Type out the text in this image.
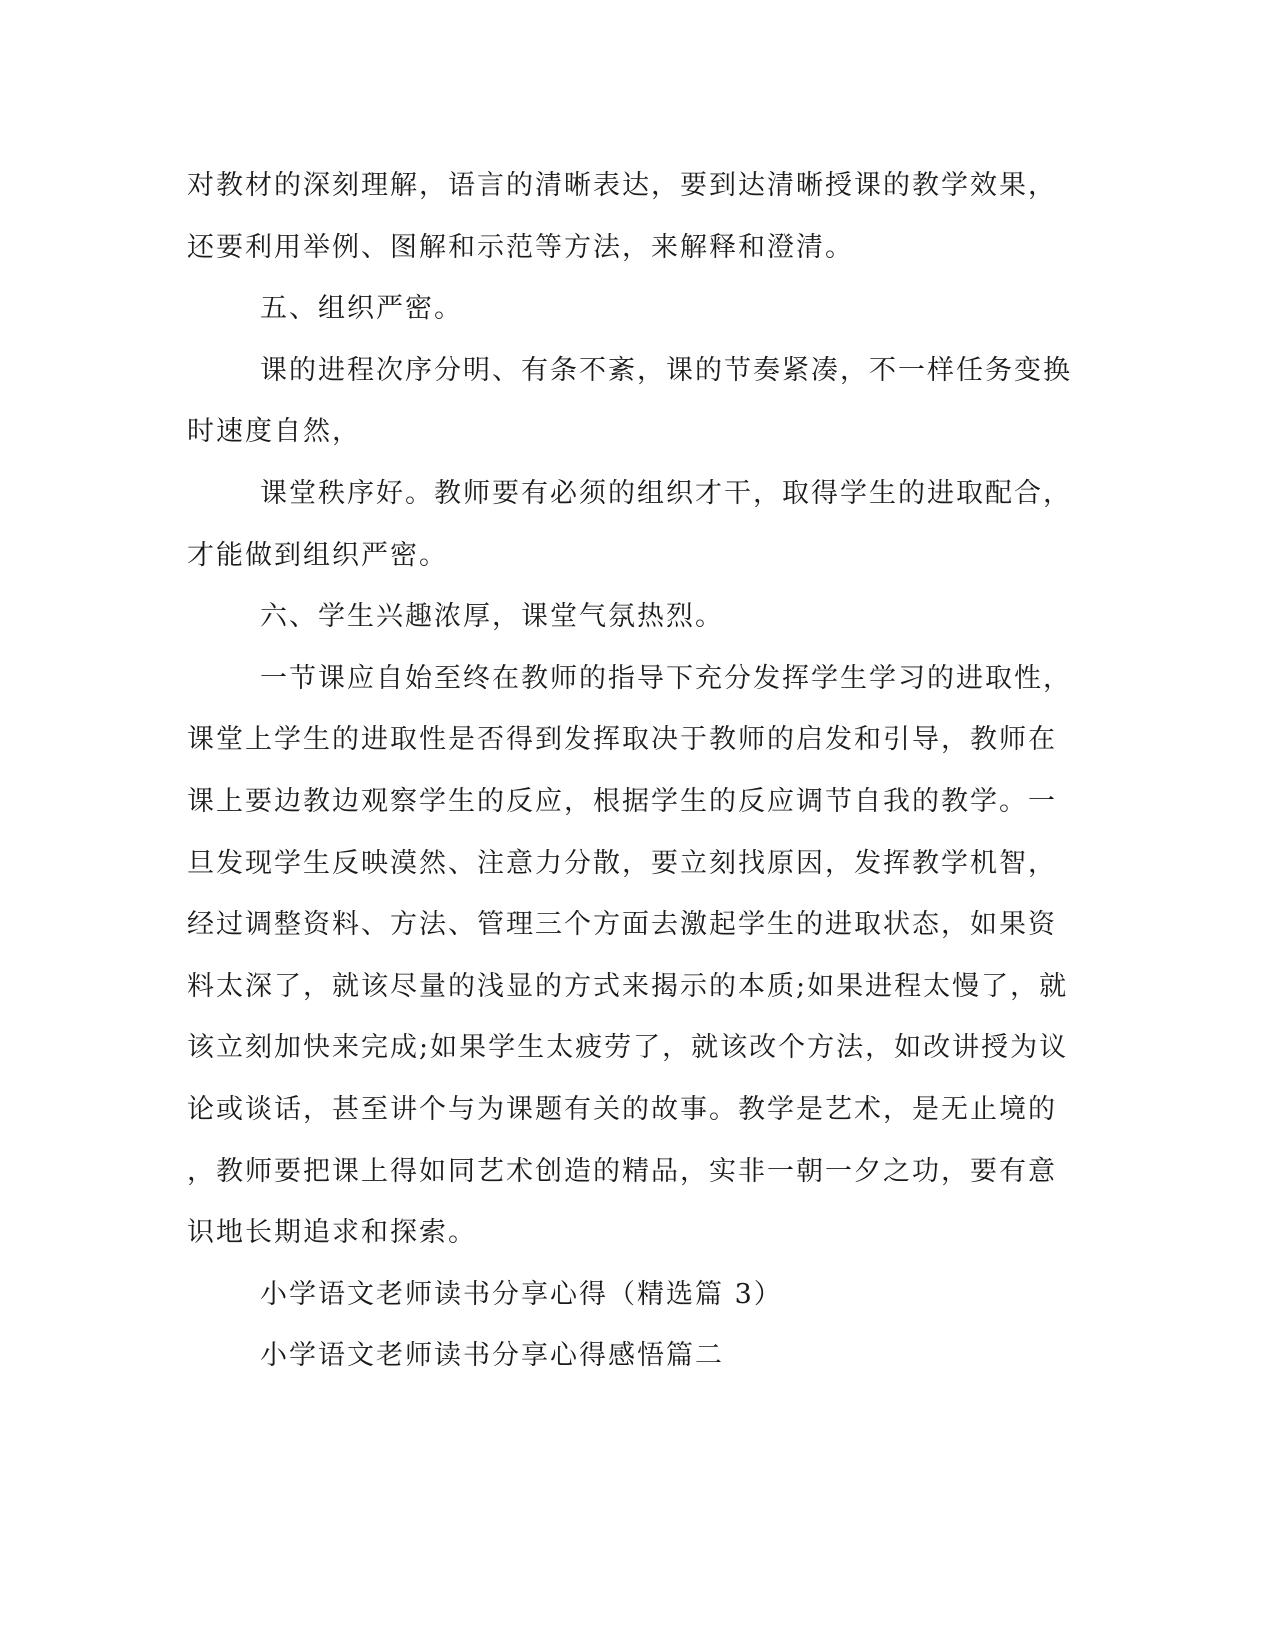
对教材的深刻理解，语言的清晰表达，要到达清晰授课的教学效果，
还要利用举例、图解和示范等方法，来解释和澄清。
五、组织严密。
课的进程次序分明、有条不紊，课的节奏紧凑，不一样任务变换
时速度自然，
课堂秩序好。教师要有必须的组织才干，取得学生的进取配合，
才能做到组织严密。
六、学生兴趣浓厚，课堂气氛热烈。
一节课应自始至终在教师的指导下充分发挥学生学习的进取性，
课堂上学生的进取性是否得到发挥取决于教师的启发和引导，教师在
课上要边教边观察学生的反应，根据学生的反应调节自我的教学。一
旦发现学生反映漠然、注意力分散，要立刻找原因，发挥教学机智，
经过调整资料、方法、管理三个方面去激起学生的进取状态，如果资
料太深了，就该尽量的浅显的方式来揭示的本质;如果进程太慢了，就
该立刻加快来完成;如果学生太疲劳了，就该改个方法，如改讲授为议
论或谈话，甚至讲个与为课题有关的故事。教学是艺术，是无止境的
，教师要把课上得如同艺术创造的精品，实非一朝一夕之功，要有意
识地长期追求和探索。
小学语文老师读书分享心得（精选篇 3）
小学语文老师读书分享心得感悟篇二
